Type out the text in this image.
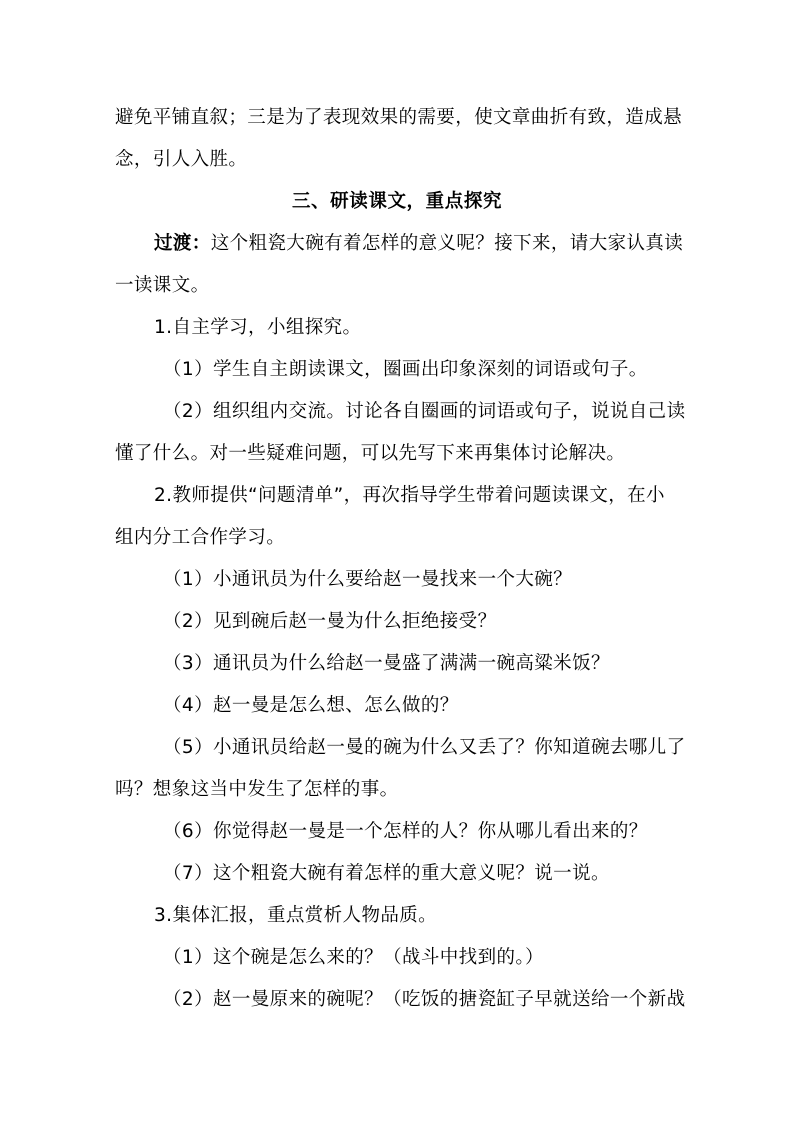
避免平铺直叙；三是为了表现效果的需要，使文章曲折有致，造成悬
念，引人入胜。
三、研读课文，重点探究
过渡：这个粗瓷大碗有着怎样的意义呢？接下来，请大家认真读
一读课文。
1.自主学习，小组探究。
（1）学生自主朗读课文，圈画出印象深刻的词语或句子。
（2）组织组内交流。讨论各自圈画的词语或句子，说说自己读
懂了什么。对一些疑难问题，可以先写下来再集体讨论解决。
2.教师提供“问题清单”，再次指导学生带着问题读课文，在小
组内分工合作学习。
（1）小通讯员为什么要给赵一曼找来一个大碗？
（2）见到碗后赵一曼为什么拒绝接受？
（3）通讯员为什么给赵一曼盛了满满一碗高粱米饭？
（4）赵一曼是怎么想、怎么做的？
（5）小通讯员给赵一曼的碗为什么又丢了？你知道碗去哪儿了
吗？想象这当中发生了怎样的事。
（6）你觉得赵一曼是一个怎样的人？你从哪儿看出来的？
（7）这个粗瓷大碗有着怎样的重大意义呢？说一说。
3.集体汇报，重点赏析人物品质。
（1）这个碗是怎么来的？（战斗中找到的。）
（2）赵一曼原来的碗呢？（吃饭的搪瓷缸子早就送给一个新战
